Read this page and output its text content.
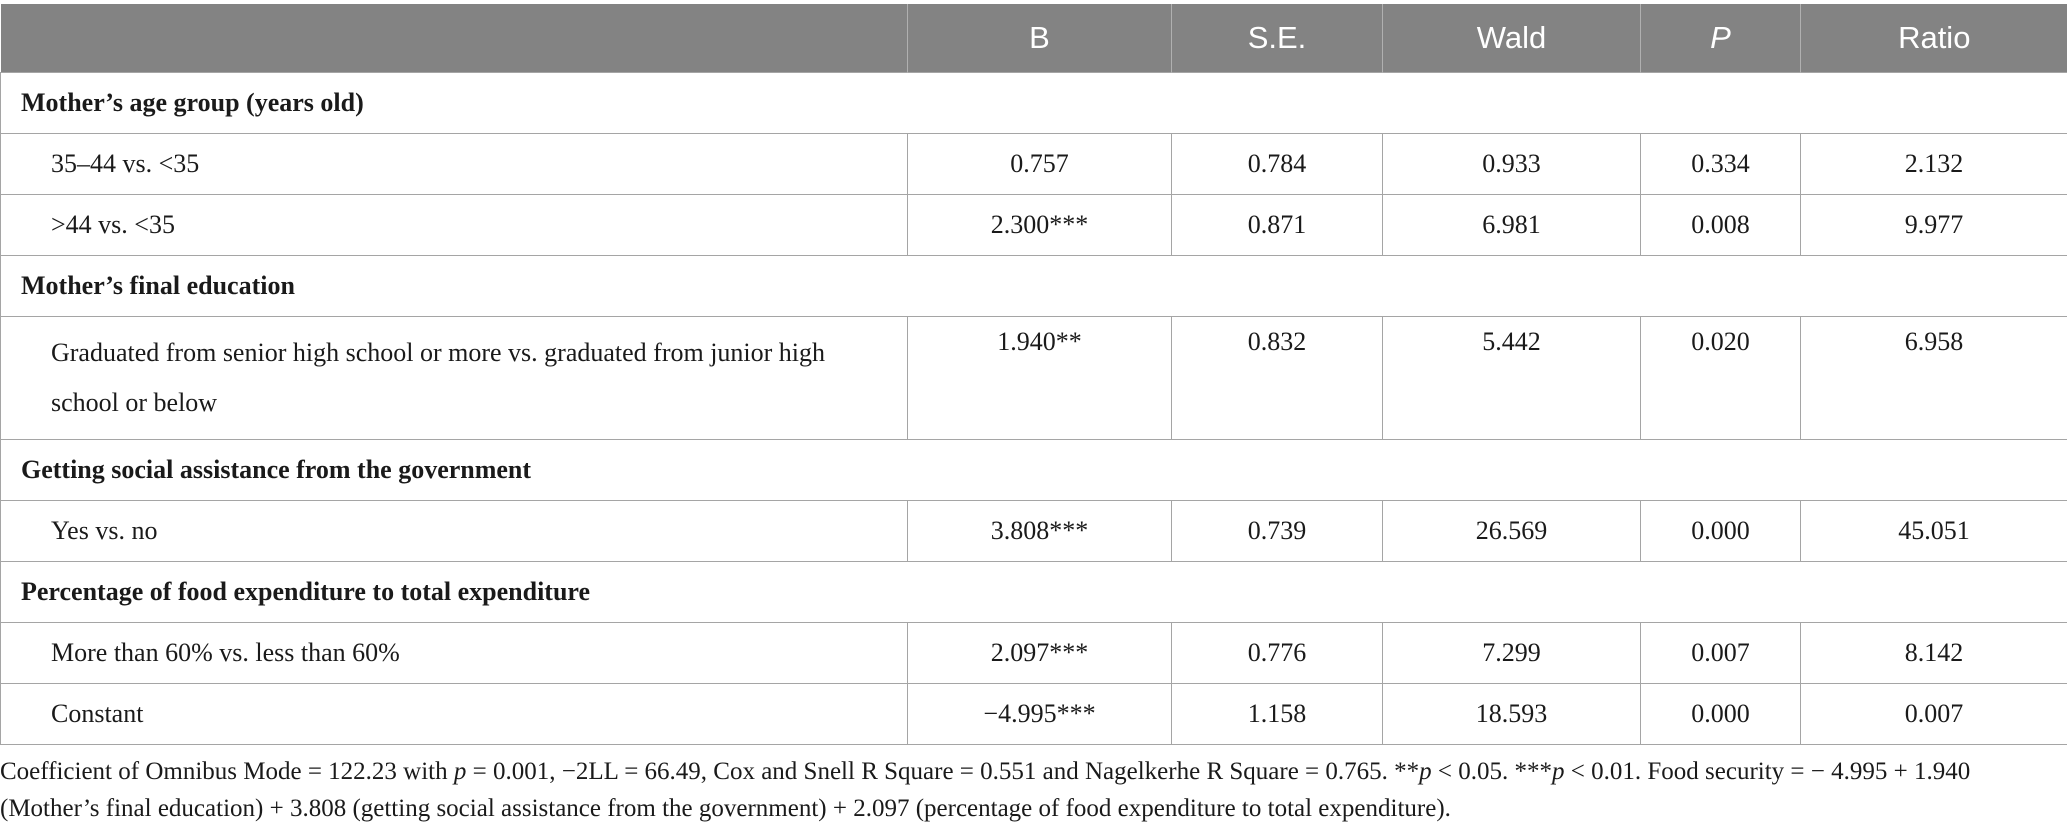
	B	S.E.	Wald	P	Ratio
Mother’s age group (years old)					
35–44 vs. <35	0.757	0.784	0.933	0.334	2.132
>44 vs. <35	2.300***	0.871	6.981	0.008	9.977
Mother’s final education					
Graduated from senior high school or more vs. graduated from junior high school or below	1.940**	0.832	5.442	0.020	6.958
Getting social assistance from the government					
Yes vs. no	3.808***	0.739	26.569	0.000	45.051
Percentage of food expenditure to total expenditure					
More than 60% vs. less than 60%	2.097***	0.776	7.299	0.007	8.142
Constant	−4.995***	1.158	18.593	0.000	0.007
Coefficient of Omnibus Mode = 122.23 with p = 0.001, −2LL = 66.49, Cox and Snell R Square = 0.551 and Nagelkerhe R Square = 0.765. **p < 0.05. ***p < 0.01. Food security = − 4.995 + 1.940 (Mother’s final education) + 3.808 (getting social assistance from the government) + 2.097 (percentage of food expenditure to total expenditure).
